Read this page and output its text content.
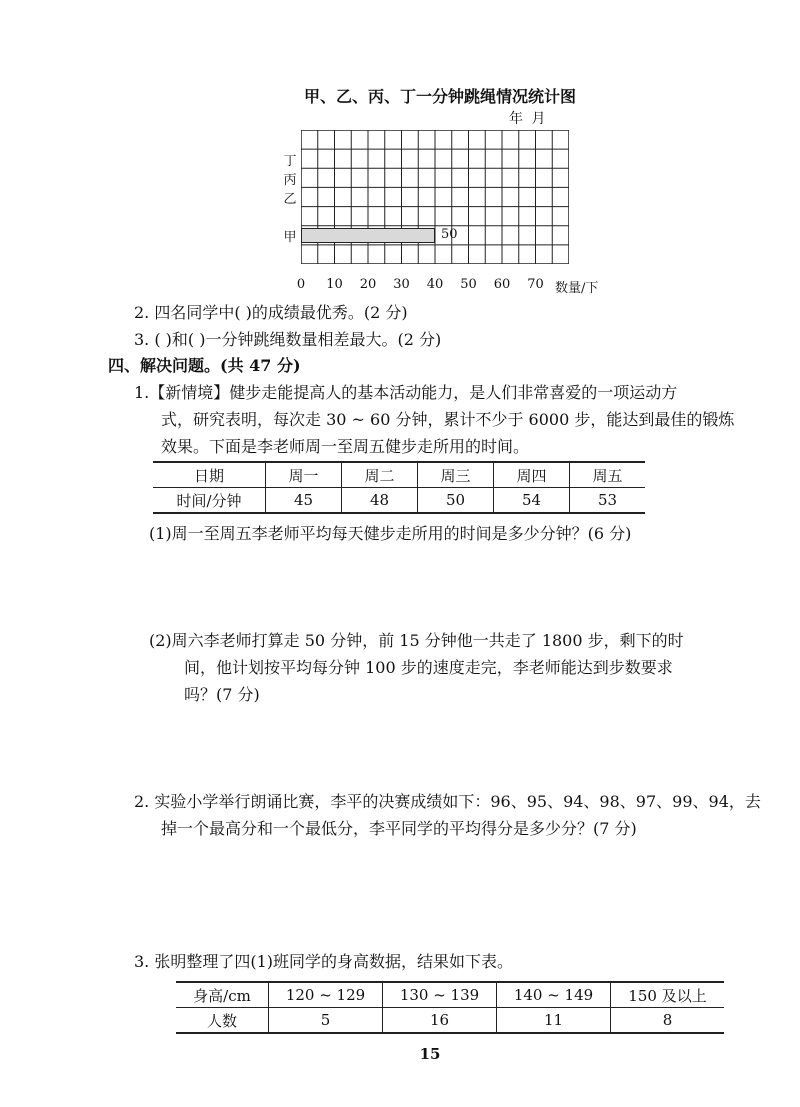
甲、乙、丙、丁一分钟跳绳情况统计图
年 月
50
丁
丙
乙
甲
0	10	20	30	40	50	60	70 数量/下
2. 四名同学中( )的成绩最优秀。(2 分)
3. ( )和( )一分钟跳绳数量相差最大。(2 分)
四、解决问题。(共 47 分)
1.【新情境】健步走能提高人的基本活动能力，是人们非常喜爱的一项运动方
式，研究表明，每次走 30 ~ 60 分钟，累计不少于 6000 步，能达到最佳的锻炼
效果。下面是李老师周一至周五健步走所用的时间。
日期	周一	周二	周三	周四	周五
时间/分钟	45	48	50	54	53
(1)周一至周五李老师平均每天健步走所用的时间是多少分钟？(6 分)
(2)周六李老师打算走 50 分钟，前 15 分钟他一共走了 1800 步，剩下的时
间，他计划按平均每分钟 100 步的速度走完，李老师能达到步数要求
吗？(7 分)
2. 实验小学举行朗诵比赛，李平的决赛成绩如下：96、95、94、98、97、99、94，去
掉一个最高分和一个最低分，李平同学的平均得分是多少分？(7 分)
3. 张明整理了四(1)班同学的身高数据，结果如下表。
身高/cm	120 ~ 129	130 ~ 139	140 ~ 149	150 及以上
人数	5	16	11	8
15
